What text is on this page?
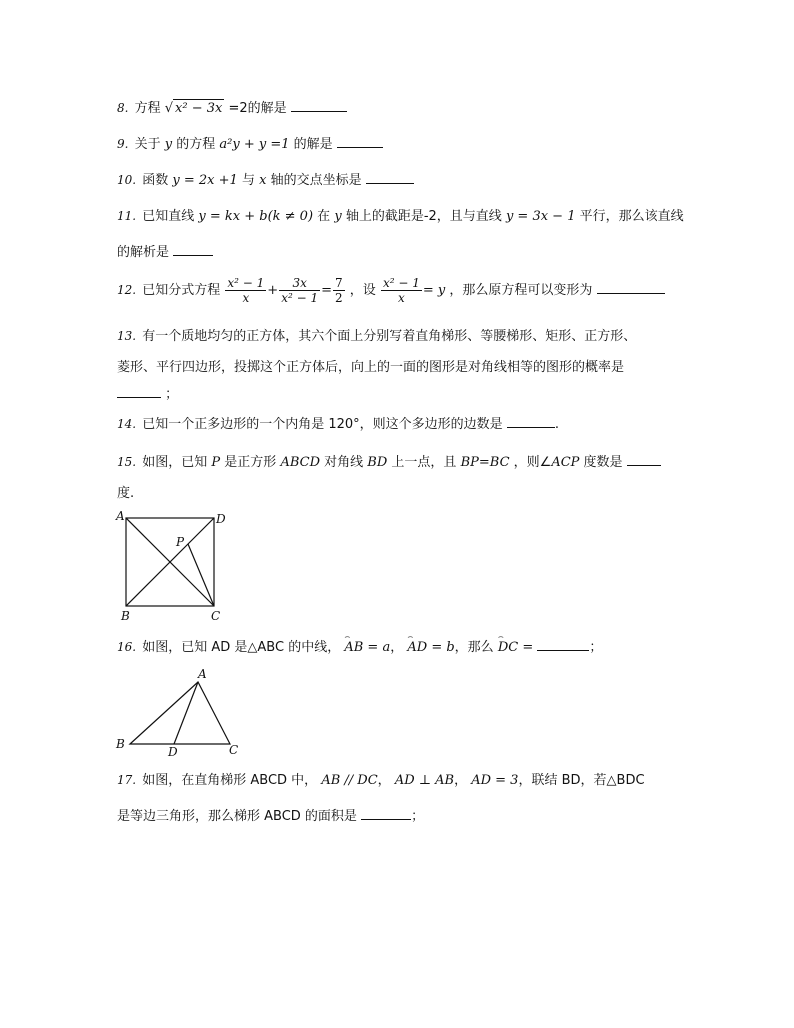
8. 方程 √ x² − 3x =2的解是
9. 关于 y 的方程 a²y + y =1 的解是
10. 函数 y = 2x +1 与 x 轴的交点坐标是
11. 已知直线 y = kx + b(k ≠ 0) 在 y 轴上的截距是-2，且与直线 y = 3x − 1 平行，那么该直线
的解析是
12. 已知分式方程 $\frac{\text{x² − 1}}{x} + \frac{3x}{\text{x² − 1}} = \frac{7}{2}$ ，设 $\frac{\text{x² − 1}}{x} = y$ ，那么原方程可以变形为
13. 有一个质地均匀的正方体，其六个面上分别写着直角梯形、等腰梯形、矩形、正方形、
菱形、平行四边形，投掷这个正方体后，向上的一面的图形是对角线相等的图形的概率是
；
14. 已知一个正多边形的一个内角是 120°，则这个多边形的边数是	.
15. 如图，已知 P 是正方形 ABCD 对角线 BD 上一点，且 BP=BC ，则∠ACP 度数是
度.
A	D
P
B	C
16. 如图，已知 AD 是△ABC 的中线， ⌢ AB = a， ⌢ AD = b，那么 ⌢ DC =	；
A
B
D	C
17. 如图，在直角梯形 ABCD 中， AB // DC， AD ⊥ AB， AD = 3，联结 BD，若△BDC
是等边三角形，那么梯形 ABCD 的面积是	；
